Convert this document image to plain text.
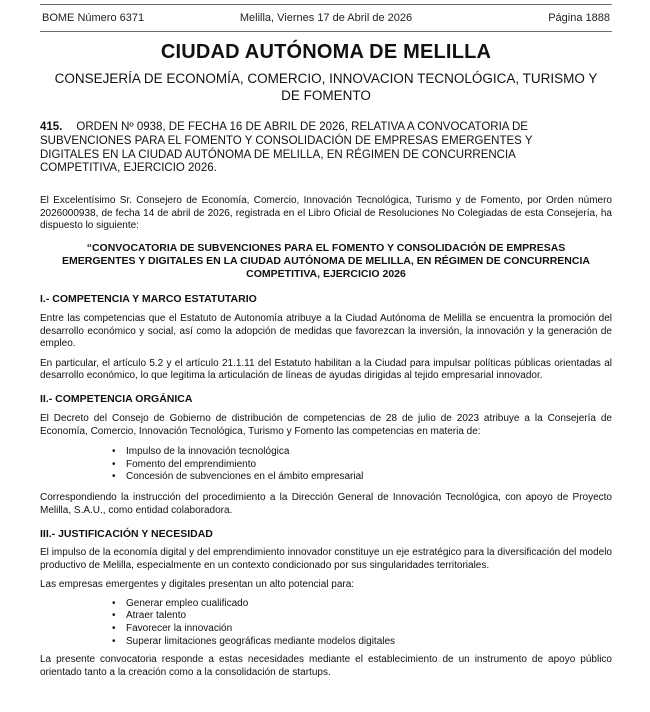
BOME Número 6371	Melilla, Viernes 17 de Abril de 2026	Página 1888
CIUDAD AUTÓNOMA DE MELILLA
CONSEJERÍA DE ECONOMÍA, COMERCIO, INNOVACION TECNOLÓGICA, TURISMO Y DE FOMENTO
415. ORDEN Nº 0938, DE FECHA 16 DE ABRIL DE 2026, RELATIVA A CONVOCATORIA DE SUBVENCIONES PARA EL FOMENTO Y CONSOLIDACIÓN DE EMPRESAS EMERGENTES Y DIGITALES EN LA CIUDAD AUTÓNOMA DE MELILLA, EN RÉGIMEN DE CONCURRENCIA COMPETITIVA, EJERCICIO 2026.

El Excelentísimo Sr. Consejero de Economía, Comercio, Innovación Tecnológica, Turismo y de Fomento, por Orden número 2026000938, de fecha 14 de abril de 2026, registrada en el Libro Oficial de Resoluciones No Colegiadas de esta Consejería, ha dispuesto lo siguiente:

“CONVOCATORIA DE SUBVENCIONES PARA EL FOMENTO Y CONSOLIDACIÓN DE EMPRESAS EMERGENTES Y DIGITALES EN LA CIUDAD AUTÓNOMA DE MELILLA, EN RÉGIMEN DE CONCURRENCIA COMPETITIVA, EJERCICIO 2026
I.- COMPETENCIA Y MARCO ESTATUTARIO

Entre las competencias que el Estatuto de Autonomía atribuye a la Ciudad Autónoma de Melilla se encuentra la promoción del desarrollo económico y social, así como la adopción de medidas que favorezcan la inversión, la innovación y la generación de empleo.

En particular, el artículo 5.2 y el artículo 21.1.11 del Estatuto habilitan a la Ciudad para impulsar políticas públicas orientadas al desarrollo económico, lo que legitima la articulación de líneas de ayudas dirigidas al tejido empresarial innovador.

II.- COMPETENCIA ORGÁNICA

El Decreto del Consejo de Gobierno de distribución de competencias de 28 de julio de 2023 atribuye a la Consejería de Economía, Comercio, Innovación Tecnológica, Turismo y Fomento las competencias en materia de:

• Impulso de la innovación tecnológica
• Fomento del emprendimiento
• Concesión de subvenciones en el ámbito empresarial

Correspondiendo la instrucción del procedimiento a la Dirección General de Innovación Tecnológica, con apoyo de Proyecto Melilla, S.A.U., como entidad colaboradora.

III.- JUSTIFICACIÓN Y NECESIDAD

El impulso de la economía digital y del emprendimiento innovador constituye un eje estratégico para la diversificación del modelo productivo de Melilla, especialmente en un contexto condicionado por sus singularidades territoriales.

Las empresas emergentes y digitales presentan un alto potencial para:

• Generar empleo cualificado
• Atraer talento
• Favorecer la innovación
• Superar limitaciones geográficas mediante modelos digitales

La presente convocatoria responde a estas necesidades mediante el establecimiento de un instrumento de apoyo público orientado tanto a la creación como a la consolidación de startups.
